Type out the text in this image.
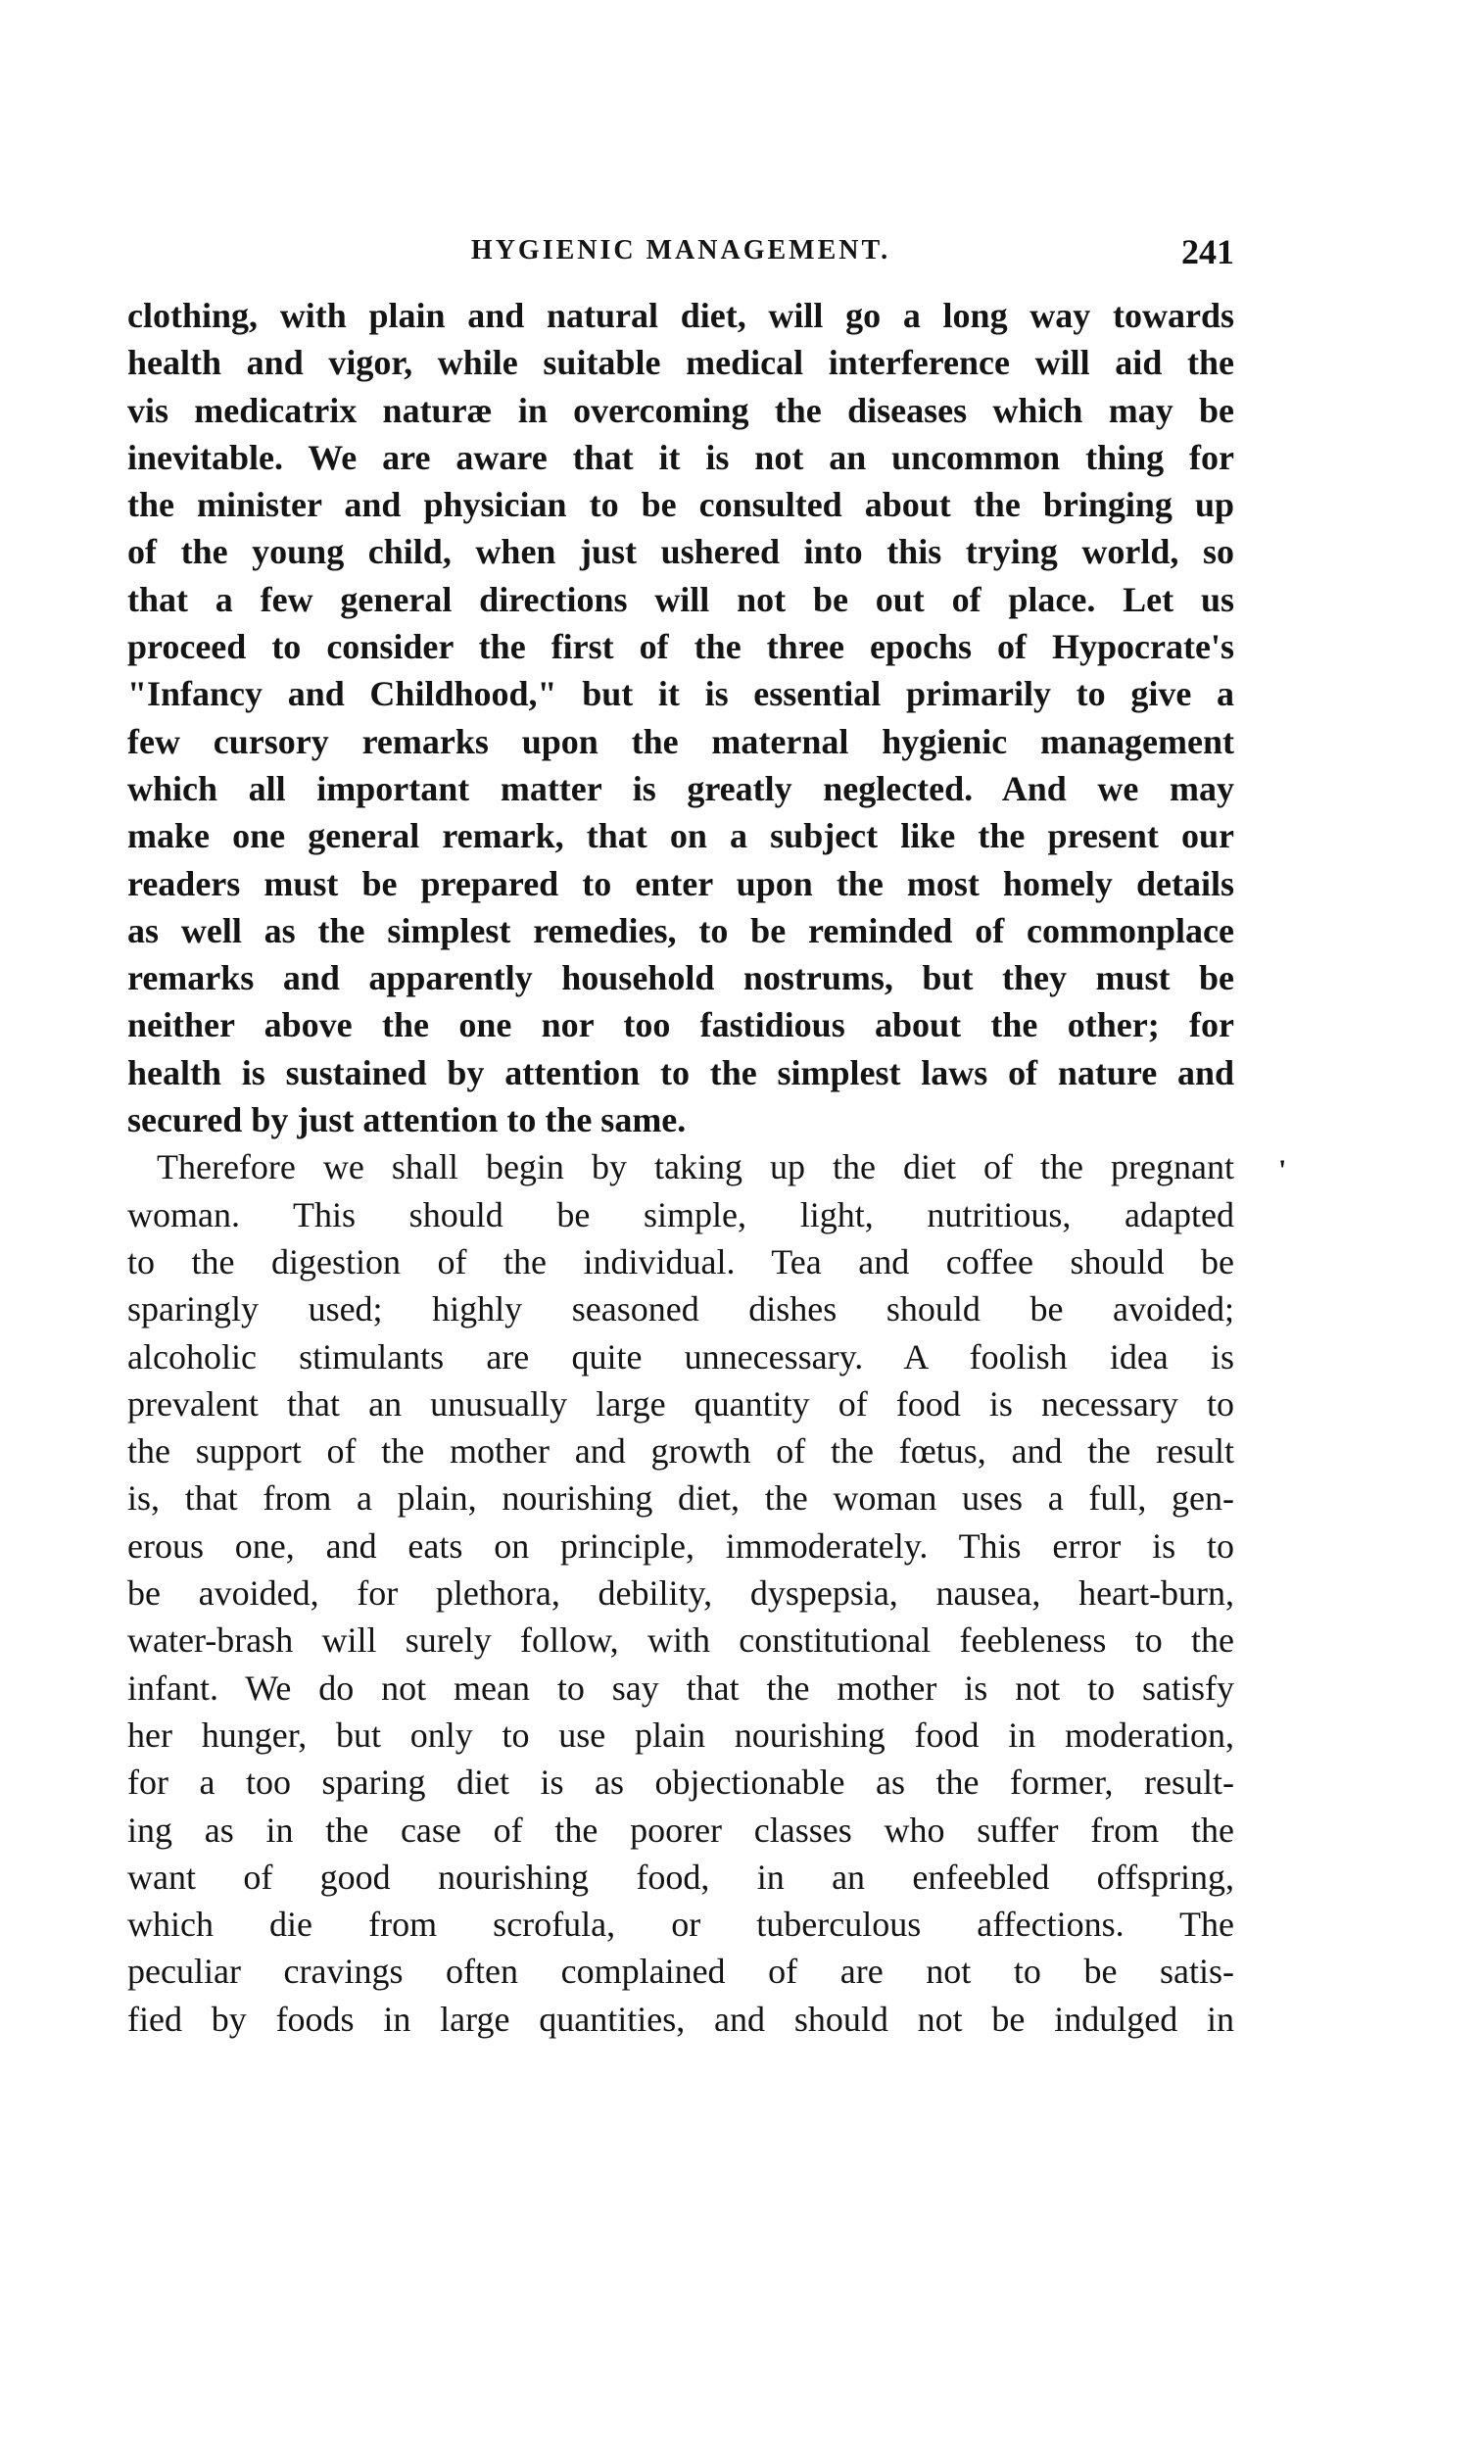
HYGIENIC MANAGEMENT.	241
'
clothing, with plain and natural diet, will go a long way towards
health and vigor, while suitable medical interference will aid the
vis medicatrix naturæ in overcoming the diseases which may be
inevitable. We are aware that it is not an uncommon thing for
the minister and physician to be consulted about the bringing up
of the young child, when just ushered into this trying world, so
that a few general directions will not be out of place. Let us
proceed to consider the first of the three epochs of Hypocrate's
"Infancy and Childhood," but it is essential primarily to give a
few cursory remarks upon the maternal hygienic management
which all important matter is greatly neglected. And we may
make one general remark, that on a subject like the present our
readers must be prepared to enter upon the most homely details
as well as the simplest remedies, to be reminded of commonplace
remarks and apparently household nostrums, but they must be
neither above the one nor too fastidious about the other; for
health is sustained by attention to the simplest laws of nature and
secured by just attention to the same.
Therefore we shall begin by taking up the diet of the pregnant
woman. This should be simple, light, nutritious, adapted
to the digestion of the individual. Tea and coffee should be
sparingly used; highly seasoned dishes should be avoided;
alcoholic stimulants are quite unnecessary. A foolish idea is
prevalent that an unusually large quantity of food is necessary to
the support of the mother and growth of the fœtus, and the result
is, that from a plain, nourishing diet, the woman uses a full, gen-
erous one, and eats on principle, immoderately. This error is to
be avoided, for plethora, debility, dyspepsia, nausea, heart-burn,
water-brash will surely follow, with constitutional feebleness to the
infant. We do not mean to say that the mother is not to satisfy
her hunger, but only to use plain nourishing food in moderation,
for a too sparing diet is as objectionable as the former, result-
ing as in the case of the poorer classes who suffer from the
want of good nourishing food, in an enfeebled offspring,
which die from scrofula, or tuberculous affections. The
peculiar cravings often complained of are not to be satis-
fied by foods in large quantities, and should not be indulged in
